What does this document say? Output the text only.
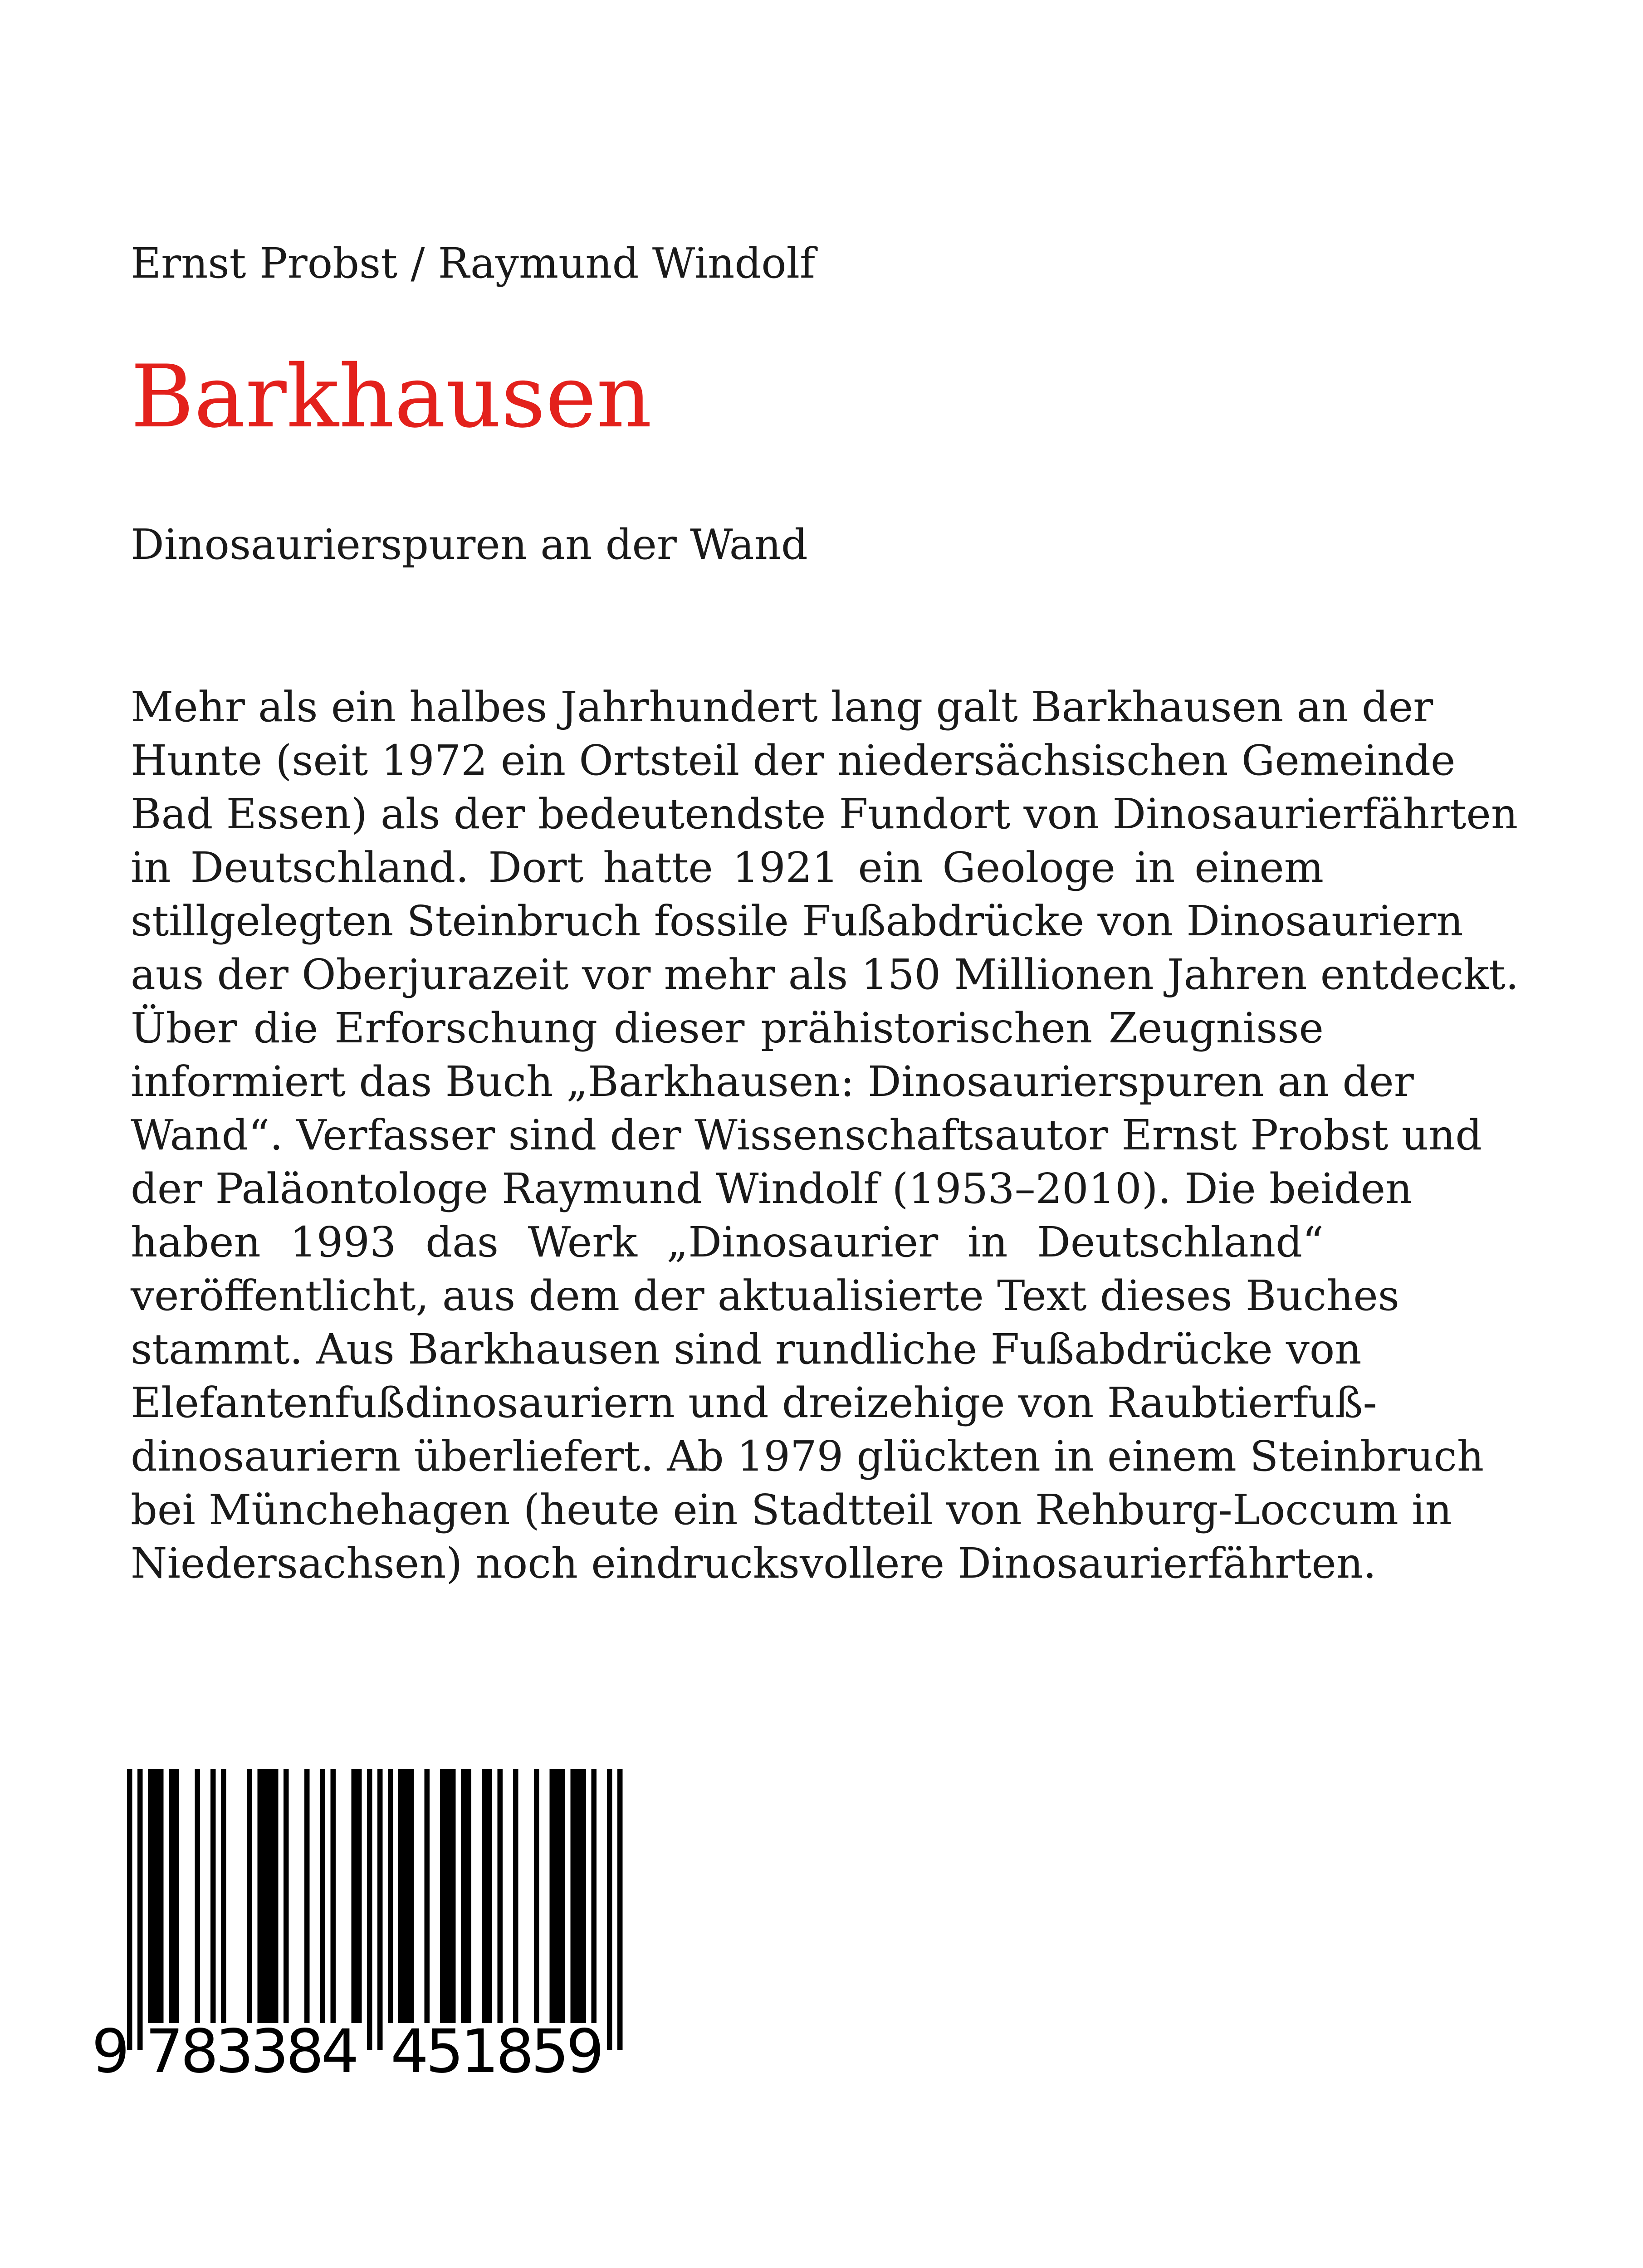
Ernst Probst / Raymund Windolf
Barkhausen
Dinosaurierspuren an der Wand
Mehr als ein halbes Jahrhundert lang galt Barkhausen an der
Hunte (seit 1972 ein Ortsteil der niedersächsischen Gemeinde
Bad Essen) als der bedeutendste Fundort von Dinosaurierfährten
in Deutschland. Dort hatte 1921 ein Geologe in einem
stillgelegten Steinbruch fossile Fußabdrücke von Dinosauriern
aus der Oberjurazeit vor mehr als 150 Millionen Jahren entdeckt.
Über die Erforschung dieser prähistorischen Zeugnisse
informiert das Buch „Barkhausen: Dinosaurierspuren an der
Wand“. Verfasser sind der Wissenschaftsautor Ernst Probst und
der Paläontologe Raymund Windolf (1953–2010). Die beiden
haben 1993 das Werk „Dinosaurier in Deutschland“
veröffentlicht, aus dem der aktualisierte Text dieses Buches
stammt. Aus Barkhausen sind rundliche Fußabdrücke von
Elefantenfußdinosauriern und dreizehige von Raubtierfuß-
dinosauriern überliefert. Ab 1979 glückten in einem Steinbruch
bei Münchehagen (heute ein Stadtteil von Rehburg-Loccum in
Niedersachsen) noch eindrucksvollere Dinosaurierfährten.
9 783384 451859
